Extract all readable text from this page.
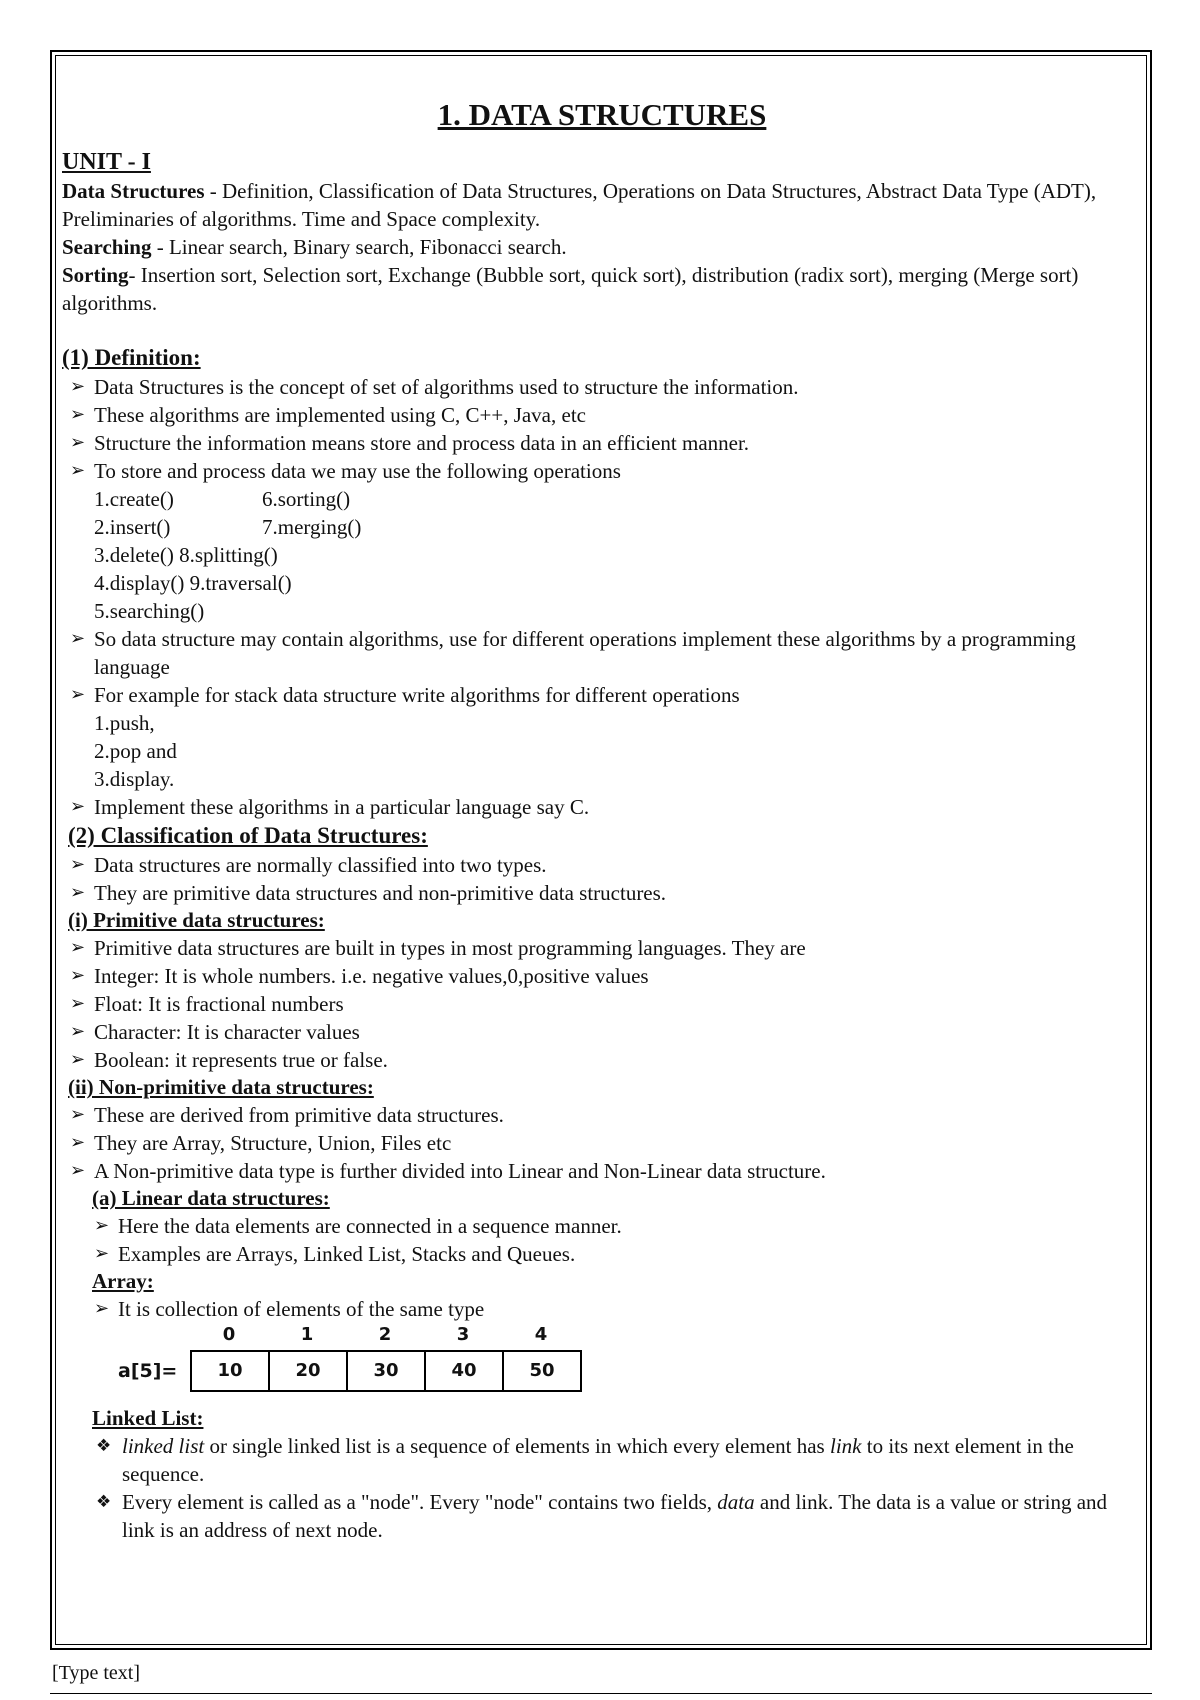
1. DATA STRUCTURES
UNIT - I

Data Structures - Definition, Classification of Data Structures, Operations on Data Structures, Abstract Data Type (ADT), Preliminaries of algorithms. Time and Space complexity.

Searching - Linear search, Binary search, Fibonacci search.

Sorting- Insertion sort, Selection sort, Exchange (Bubble sort, quick sort), distribution (radix sort), merging (Merge sort) algorithms.

(1) Definition:
➢ Data Structures is the concept of set of algorithms used to structure the information.
➢ These algorithms are implemented using C, C++, Java, etc
➢ Structure the information means store and process data in an efficient manner.
➢ To store and process data we may use the following operations
1.create()	6.sorting()
2.insert()	7.merging()
3.delete() 8.splitting()
4.display() 9.traversal()
5.searching()
➢ So data structure may contain algorithms, use for different operations implement these algorithms by a programming language
➢ For example for stack data structure write algorithms for different operations
1.push,
2.pop and
3.display.
➢ Implement these algorithms in a particular language say C.
(2) Classification of Data Structures:
➢ Data structures are normally classified into two types.
➢ They are primitive data structures and non-primitive data structures.
(i) Primitive data structures:
➢ Primitive data structures are built in types in most programming languages. They are
➢ Integer: It is whole numbers. i.e. negative values,0,positive values
➢ Float: It is fractional numbers
➢ Character: It is character values
➢ Boolean: it represents true or false.
(ii) Non-primitive data structures:
➢ These are derived from primitive data structures.
➢ They are Array, Structure, Union, Files etc
➢ A Non-primitive data type is further divided into Linear and Non-Linear data structure.
(a) Linear data structures:
➢ Here the data elements are connected in a sequence manner.
➢ Examples are Arrays, Linked List, Stacks and Queues.
Array:
➢ It is collection of elements of the same type
0	1	2	3	4
a[5]=	10	20	30	40	50
Linked List:
❖ linked list or single linked list is a sequence of elements in which every element has link to its next element in the sequence.
❖ Every element is called as a "node". Every "node" contains two fields, data and link. The data is a value or string and link is an address of next node.
[Type text]
